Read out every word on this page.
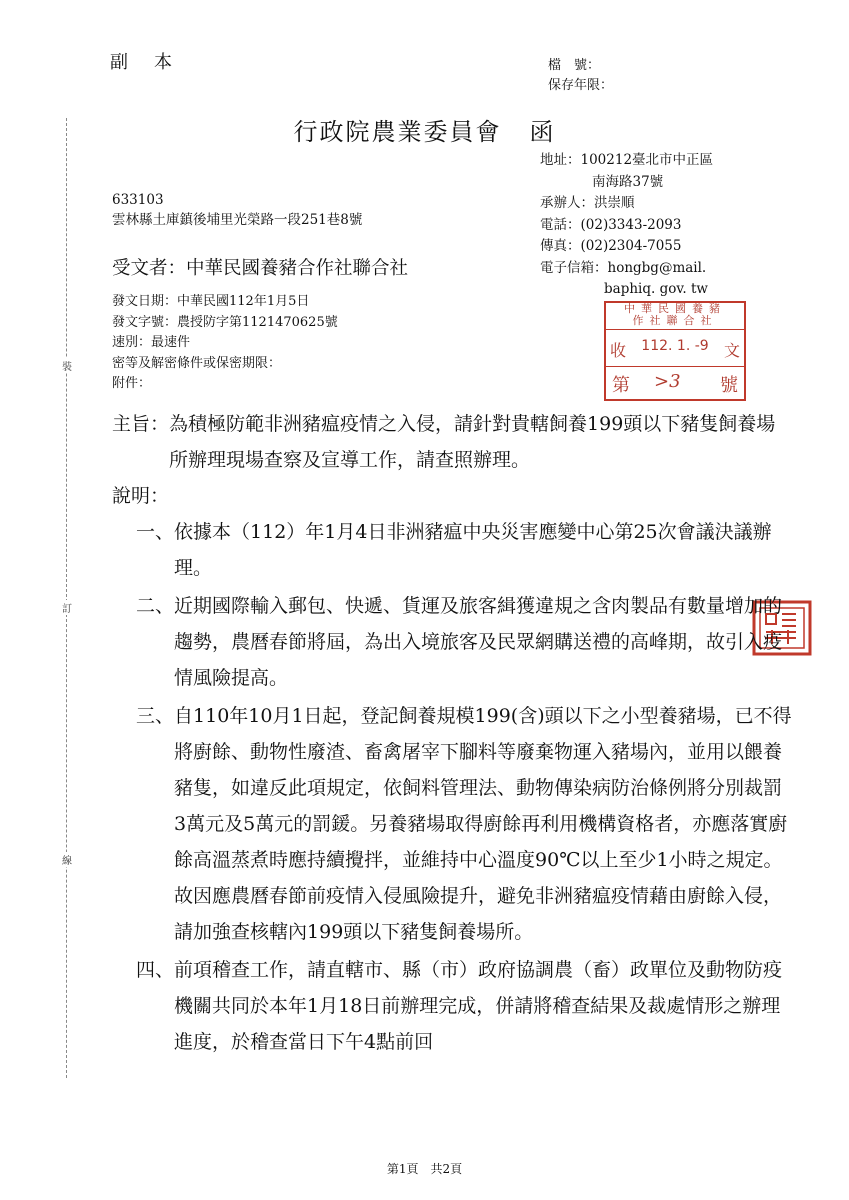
副本	檔　號：
保存年限：
行政院農業委員會 函
地址：100212臺北市中正區
南海路37號
承辦人：洪崇順
電話：(02)3343-2093
傳真：(02)2304-7055
電子信箱：hongbg@mail.
baphiq. gov. tw
633103
雲林縣土庫鎮後埔里光榮路一段251巷8號
受文者：中華民國養豬合作社聯合社
發文日期：中華民國112年1月5日
發文字號：農授防字第1121470625號
速別：最速件
密等及解密條件或保密期限：
附件：
裝
訂
線
中華民國養豬
作社聯合社
收	112. 1. -9 文
第 >3 號
主旨： 為積極防範非洲豬瘟疫情之入侵，請針對貴轄飼養199頭以下豬隻飼養場所辦理現場查察及宣導工作，請查照辦理。
說明：
一、 依據本（112）年1月4日非洲豬瘟中央災害應變中心第25次會議決議辦理。
二、 近期國際輸入郵包、快遞、貨運及旅客緝獲違規之含肉製品有數量增加的趨勢，農曆春節將屆，為出入境旅客及民眾網購送禮的高峰期，故引入疫情風險提高。
三、 自110年10月1日起，登記飼養規模199(含)頭以下之小型養豬場，已不得將廚餘、動物性廢渣、畜禽屠宰下腳料等廢棄物運入豬場內，並用以餵養豬隻，如違反此項規定，依飼料管理法、動物傳染病防治條例將分別裁罰3萬元及5萬元的罰鍰。另養豬場取得廚餘再利用機構資格者，亦應落實廚餘高溫蒸煮時應持續攪拌，並維持中心溫度90℃以上至少1小時之規定。故因應農曆春節前疫情入侵風險提升，避免非洲豬瘟疫情藉由廚餘入侵，請加強查核轄內199頭以下豬隻飼養場所。
四、 前項稽查工作，請直轄市、縣（市）政府協調農（畜）政單位及動物防疫機關共同於本年1月18日前辦理完成，併請將稽查結果及裁處情形之辦理進度，於稽查當日下午4點前回
第1頁　共2頁
